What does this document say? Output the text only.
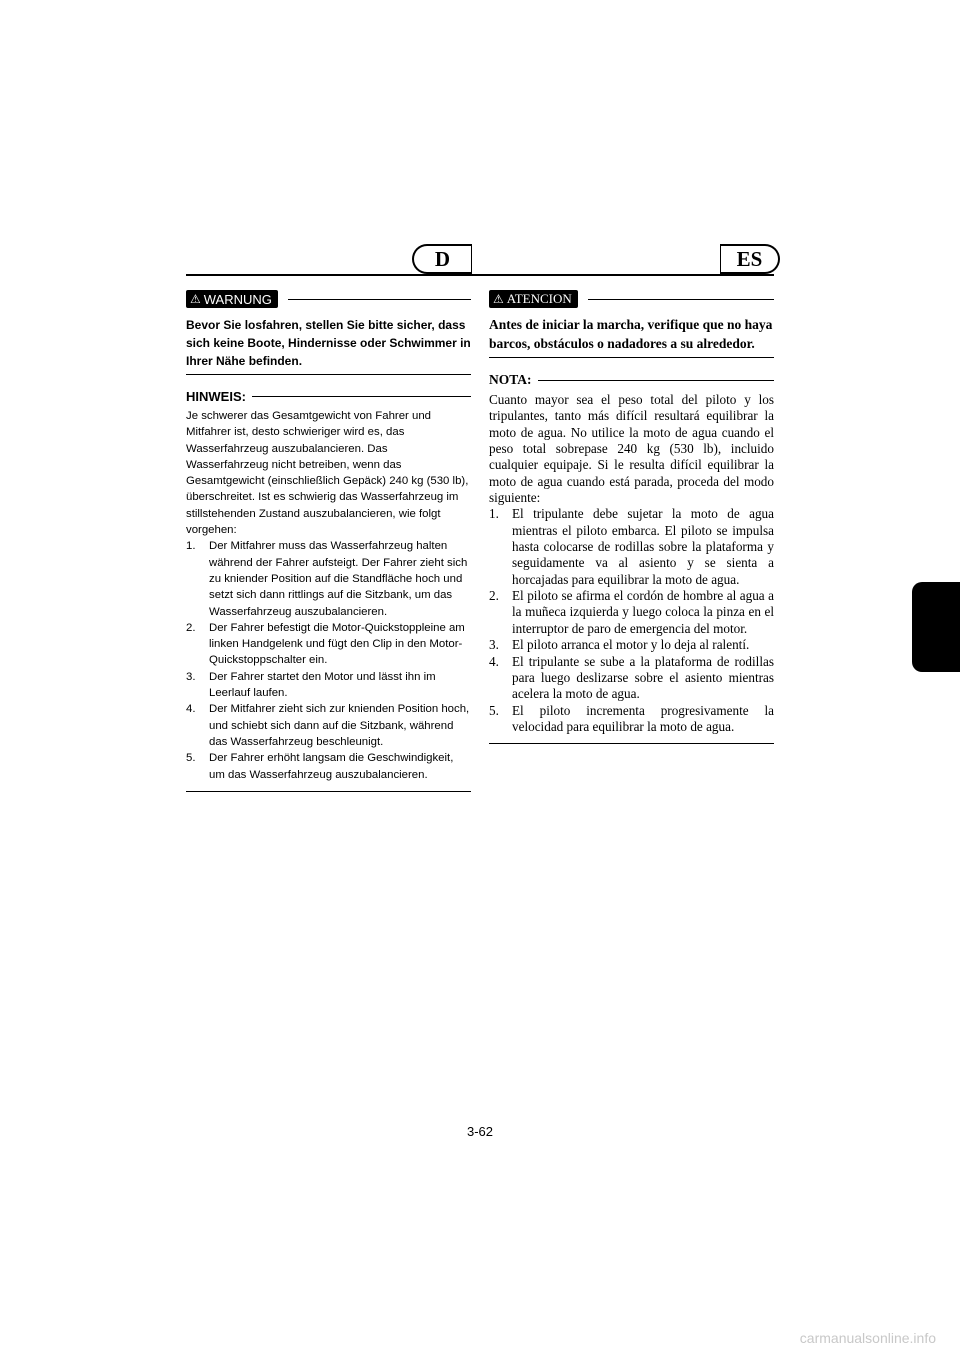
D	ES
⚠ WARNUNG
Bevor Sie losfahren, stellen Sie bitte sicher, dass sich keine Boote, Hindernisse oder Schwimmer in Ihrer Nähe befinden.
HINWEIS:

Je schwerer das Gesamtgewicht von Fahrer und Mitfahrer ist, desto schwieriger wird es, das Wasserfahrzeug auszubalancieren. Das Wasserfahrzeug nicht betreiben, wenn das Gesamtgewicht (einschließlich Gepäck) 240 kg (530 lb), überschreitet. Ist es schwierig das Wasserfahrzeug im stillstehenden Zustand auszubalancieren, wie folgt vorgehen:

1.	Der Mitfahrer muss das Wasserfahrzeug halten während der Fahrer aufsteigt. Der Fahrer zieht sich zu kniender Position auf die Standfläche hoch und setzt sich dann rittlings auf die Sitzbank, um das Wasserfahrzeug auszubalancieren.
2.	Der Fahrer befestigt die Motor-Quickstoppleine am linken Handgelenk und fügt den Clip in den Motor-Quickstoppschalter ein.
3.	Der Fahrer startet den Motor und lässt ihn im Leerlauf laufen.
4.	Der Mitfahrer zieht sich zur knienden Position hoch, und schiebt sich dann auf die Sitzbank, während das Wasserfahrzeug beschleunigt.
5.	Der Fahrer erhöht langsam die Geschwindigkeit, um das Wasserfahrzeug auszubalancieren.
⚠ ATENCION
Antes de iniciar la marcha, verifique que no haya barcos, obstáculos o nadadores a su alrededor.
NOTA:

Cuanto mayor sea el peso total del piloto y los tripulantes, tanto más difícil resultará equilibrar la moto de agua. No utilice la moto de agua cuando el peso total sobrepase 240 kg (530 lb), incluido cualquier equipaje. Si le resulta difícil equilibrar la moto de agua cuando está parada, proceda del modo siguiente:

1. El tripulante debe sujetar la moto de agua mientras el piloto embarca. El piloto se impulsa hasta colocarse de rodillas sobre la plataforma y seguidamente va al asiento y se sienta a horcajadas para equilibrar la moto de agua.
2. El piloto se afirma el cordón de hombre al agua a la muñeca izquierda y luego coloca la pinza en el interruptor de paro de emergencia del motor.
3. El piloto arranca el motor y lo deja al ralentí.
4. El tripulante se sube a la plataforma de rodillas para luego deslizarse sobre el asiento mientras acelera la moto de agua.
5. El piloto incrementa progresivamente la velocidad para equilibrar la moto de agua.
3-62
carmanualsonline.info
